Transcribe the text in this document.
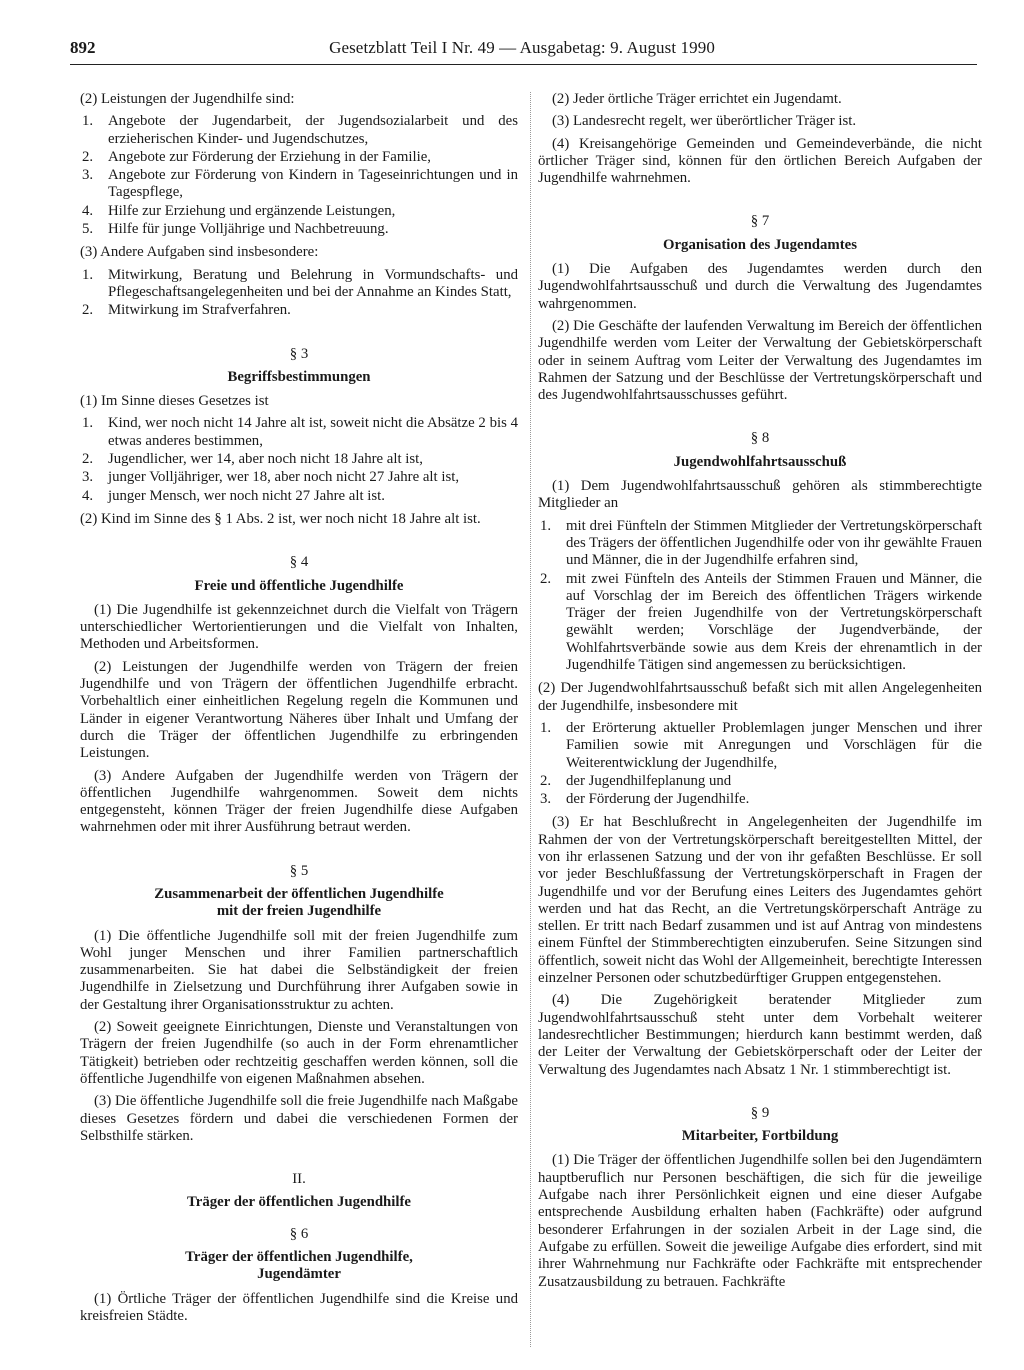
892	Gesetzblatt Teil I Nr. 49 — Ausgabetag: 9. August 1990
(2) Leistungen der Jugendhilfe sind:
1. Angebote der Jugendarbeit, der Jugendsozialarbeit und des erzieherischen Kinder- und Jugendschutzes,
2. Angebote zur Förderung der Erziehung in der Familie,
3. Angebote zur Förderung von Kindern in Tageseinrichtungen und in Tagespflege,
4. Hilfe zur Erziehung und ergänzende Leistungen,
5. Hilfe für junge Volljährige und Nachbetreuung.
(3) Andere Aufgaben sind insbesondere:
1. Mitwirkung, Beratung und Belehrung in Vormundschafts- und Pflegeschaftsangelegenheiten und bei der Annahme an Kindes Statt,
2. Mitwirkung im Strafverfahren.
§ 3
Begriffsbestimmungen
(1) Im Sinne dieses Gesetzes ist
1. Kind, wer noch nicht 14 Jahre alt ist, soweit nicht die Absätze 2 bis 4 etwas anderes bestimmen,
2. Jugendlicher, wer 14, aber noch nicht 18 Jahre alt ist,
3. junger Volljähriger, wer 18, aber noch nicht 27 Jahre alt ist,
4. junger Mensch, wer noch nicht 27 Jahre alt ist.
(2) Kind im Sinne des § 1 Abs. 2 ist, wer noch nicht 18 Jahre alt ist.
§ 4
Freie und öffentliche Jugendhilfe
(1) Die Jugendhilfe ist gekennzeichnet durch die Vielfalt von Trägern unterschiedlicher Wertorientierungen und die Vielfalt von Inhalten, Methoden und Arbeitsformen.
(2) Leistungen der Jugendhilfe werden von Trägern der freien Jugendhilfe und von Trägern der öffentlichen Jugendhilfe erbracht. Vorbehaltlich einer einheitlichen Regelung regeln die Kommunen und Länder in eigener Verantwortung Näheres über Inhalt und Umfang der durch die Träger der öffentlichen Jugendhilfe zu erbringenden Leistungen.
(3) Andere Aufgaben der Jugendhilfe werden von Trägern der öffentlichen Jugendhilfe wahrgenommen. Soweit dem nichts entgegensteht, können Träger der freien Jugendhilfe diese Aufgaben wahrnehmen oder mit ihrer Ausführung betraut werden.
§ 5
Zusammenarbeit der öffentlichen Jugendhilfe
mit der freien Jugendhilfe
(1) Die öffentliche Jugendhilfe soll mit der freien Jugendhilfe zum Wohl junger Menschen und ihrer Familien partnerschaftlich zusammenarbeiten. Sie hat dabei die Selbständigkeit der freien Jugendhilfe in Zielsetzung und Durchführung ihrer Aufgaben sowie in der Gestaltung ihrer Organisationsstruktur zu achten.
(2) Soweit geeignete Einrichtungen, Dienste und Veranstaltungen von Trägern der freien Jugendhilfe (so auch in der Form ehrenamtlicher Tätigkeit) betrieben oder rechtzeitig geschaffen werden können, soll die öffentliche Jugendhilfe von eigenen Maßnahmen absehen.
(3) Die öffentliche Jugendhilfe soll die freie Jugendhilfe nach Maßgabe dieses Gesetzes fördern und dabei die verschiedenen Formen der Selbsthilfe stärken.
II.
Träger der öffentlichen Jugendhilfe
§ 6
Träger der öffentlichen Jugendhilfe,
Jugendämter
(1) Örtliche Träger der öffentlichen Jugendhilfe sind die Kreise und kreisfreien Städte.
(2) Jeder örtliche Träger errichtet ein Jugendamt.
(3) Landesrecht regelt, wer überörtlicher Träger ist.
(4) Kreisangehörige Gemeinden und Gemeindeverbände, die nicht örtlicher Träger sind, können für den örtlichen Bereich Aufgaben der Jugendhilfe wahrnehmen.
§ 7
Organisation des Jugendamtes
(1) Die Aufgaben des Jugendamtes werden durch den Jugendwohlfahrtsausschuß und durch die Verwaltung des Jugendamtes wahrgenommen.
(2) Die Geschäfte der laufenden Verwaltung im Bereich der öffentlichen Jugendhilfe werden vom Leiter der Verwaltung der Gebietskörperschaft oder in seinem Auftrag vom Leiter der Verwaltung des Jugendamtes im Rahmen der Satzung und der Beschlüsse der Vertretungskörperschaft und des Jugendwohlfahrtsausschusses geführt.
§ 8
Jugendwohlfahrtsausschuß
(1) Dem Jugendwohlfahrtsausschuß gehören als stimmberechtigte Mitglieder an
1. mit drei Fünfteln der Stimmen Mitglieder der Vertretungskörperschaft des Trägers der öffentlichen Jugendhilfe oder von ihr gewählte Frauen und Männer, die in der Jugendhilfe erfahren sind,
2. mit zwei Fünfteln des Anteils der Stimmen Frauen und Männer, die auf Vorschlag der im Bereich des öffentlichen Trägers wirkende Träger der freien Jugendhilfe von der Vertretungskörperschaft gewählt werden; Vorschläge der Jugendverbände, der Wohlfahrtsverbände sowie aus dem Kreis der ehrenamtlich in der Jugendhilfe Tätigen sind angemessen zu berücksichtigen.
(2) Der Jugendwohlfahrtsausschuß befaßt sich mit allen Angelegenheiten der Jugendhilfe, insbesondere mit
1. der Erörterung aktueller Problemlagen junger Menschen und ihrer Familien sowie mit Anregungen und Vorschlägen für die Weiterentwicklung der Jugendhilfe,
2. der Jugendhilfeplanung und
3. der Förderung der Jugendhilfe.
(3) Er hat Beschlußrecht in Angelegenheiten der Jugendhilfe im Rahmen der von der Vertretungskörperschaft bereitgestellten Mittel, der von ihr erlassenen Satzung und der von ihr gefaßten Beschlüsse. Er soll vor jeder Beschlußfassung der Vertretungskörperschaft in Fragen der Jugendhilfe und vor der Berufung eines Leiters des Jugendamtes gehört werden und hat das Recht, an die Vertretungskörperschaft Anträge zu stellen. Er tritt nach Bedarf zusammen und ist auf Antrag von mindestens einem Fünftel der Stimmberechtigten einzuberufen. Seine Sitzungen sind öffentlich, soweit nicht das Wohl der Allgemeinheit, berechtigte Interessen einzelner Personen oder schutzbedürftiger Gruppen entgegenstehen.
(4) Die Zugehörigkeit beratender Mitglieder zum Jugendwohlfahrtsausschuß steht unter dem Vorbehalt weiterer landesrechtlicher Bestimmungen; hierdurch kann bestimmt werden, daß der Leiter der Verwaltung der Gebietskörperschaft oder der Leiter der Verwaltung des Jugendamtes nach Absatz 1 Nr. 1 stimmberechtigt ist.
§ 9
Mitarbeiter, Fortbildung
(1) Die Träger der öffentlichen Jugendhilfe sollen bei den Jugendämtern hauptberuflich nur Personen beschäftigen, die sich für die jeweilige Aufgabe nach ihrer Persönlichkeit eignen und eine dieser Aufgabe entsprechende Ausbildung erhalten haben (Fachkräfte) oder aufgrund besonderer Erfahrungen in der sozialen Arbeit in der Lage sind, die Aufgabe zu erfüllen. Soweit die jeweilige Aufgabe dies erfordert, sind mit ihrer Wahrnehmung nur Fachkräfte oder Fachkräfte mit entsprechender Zusatzausbildung zu betrauen. Fachkräfte
